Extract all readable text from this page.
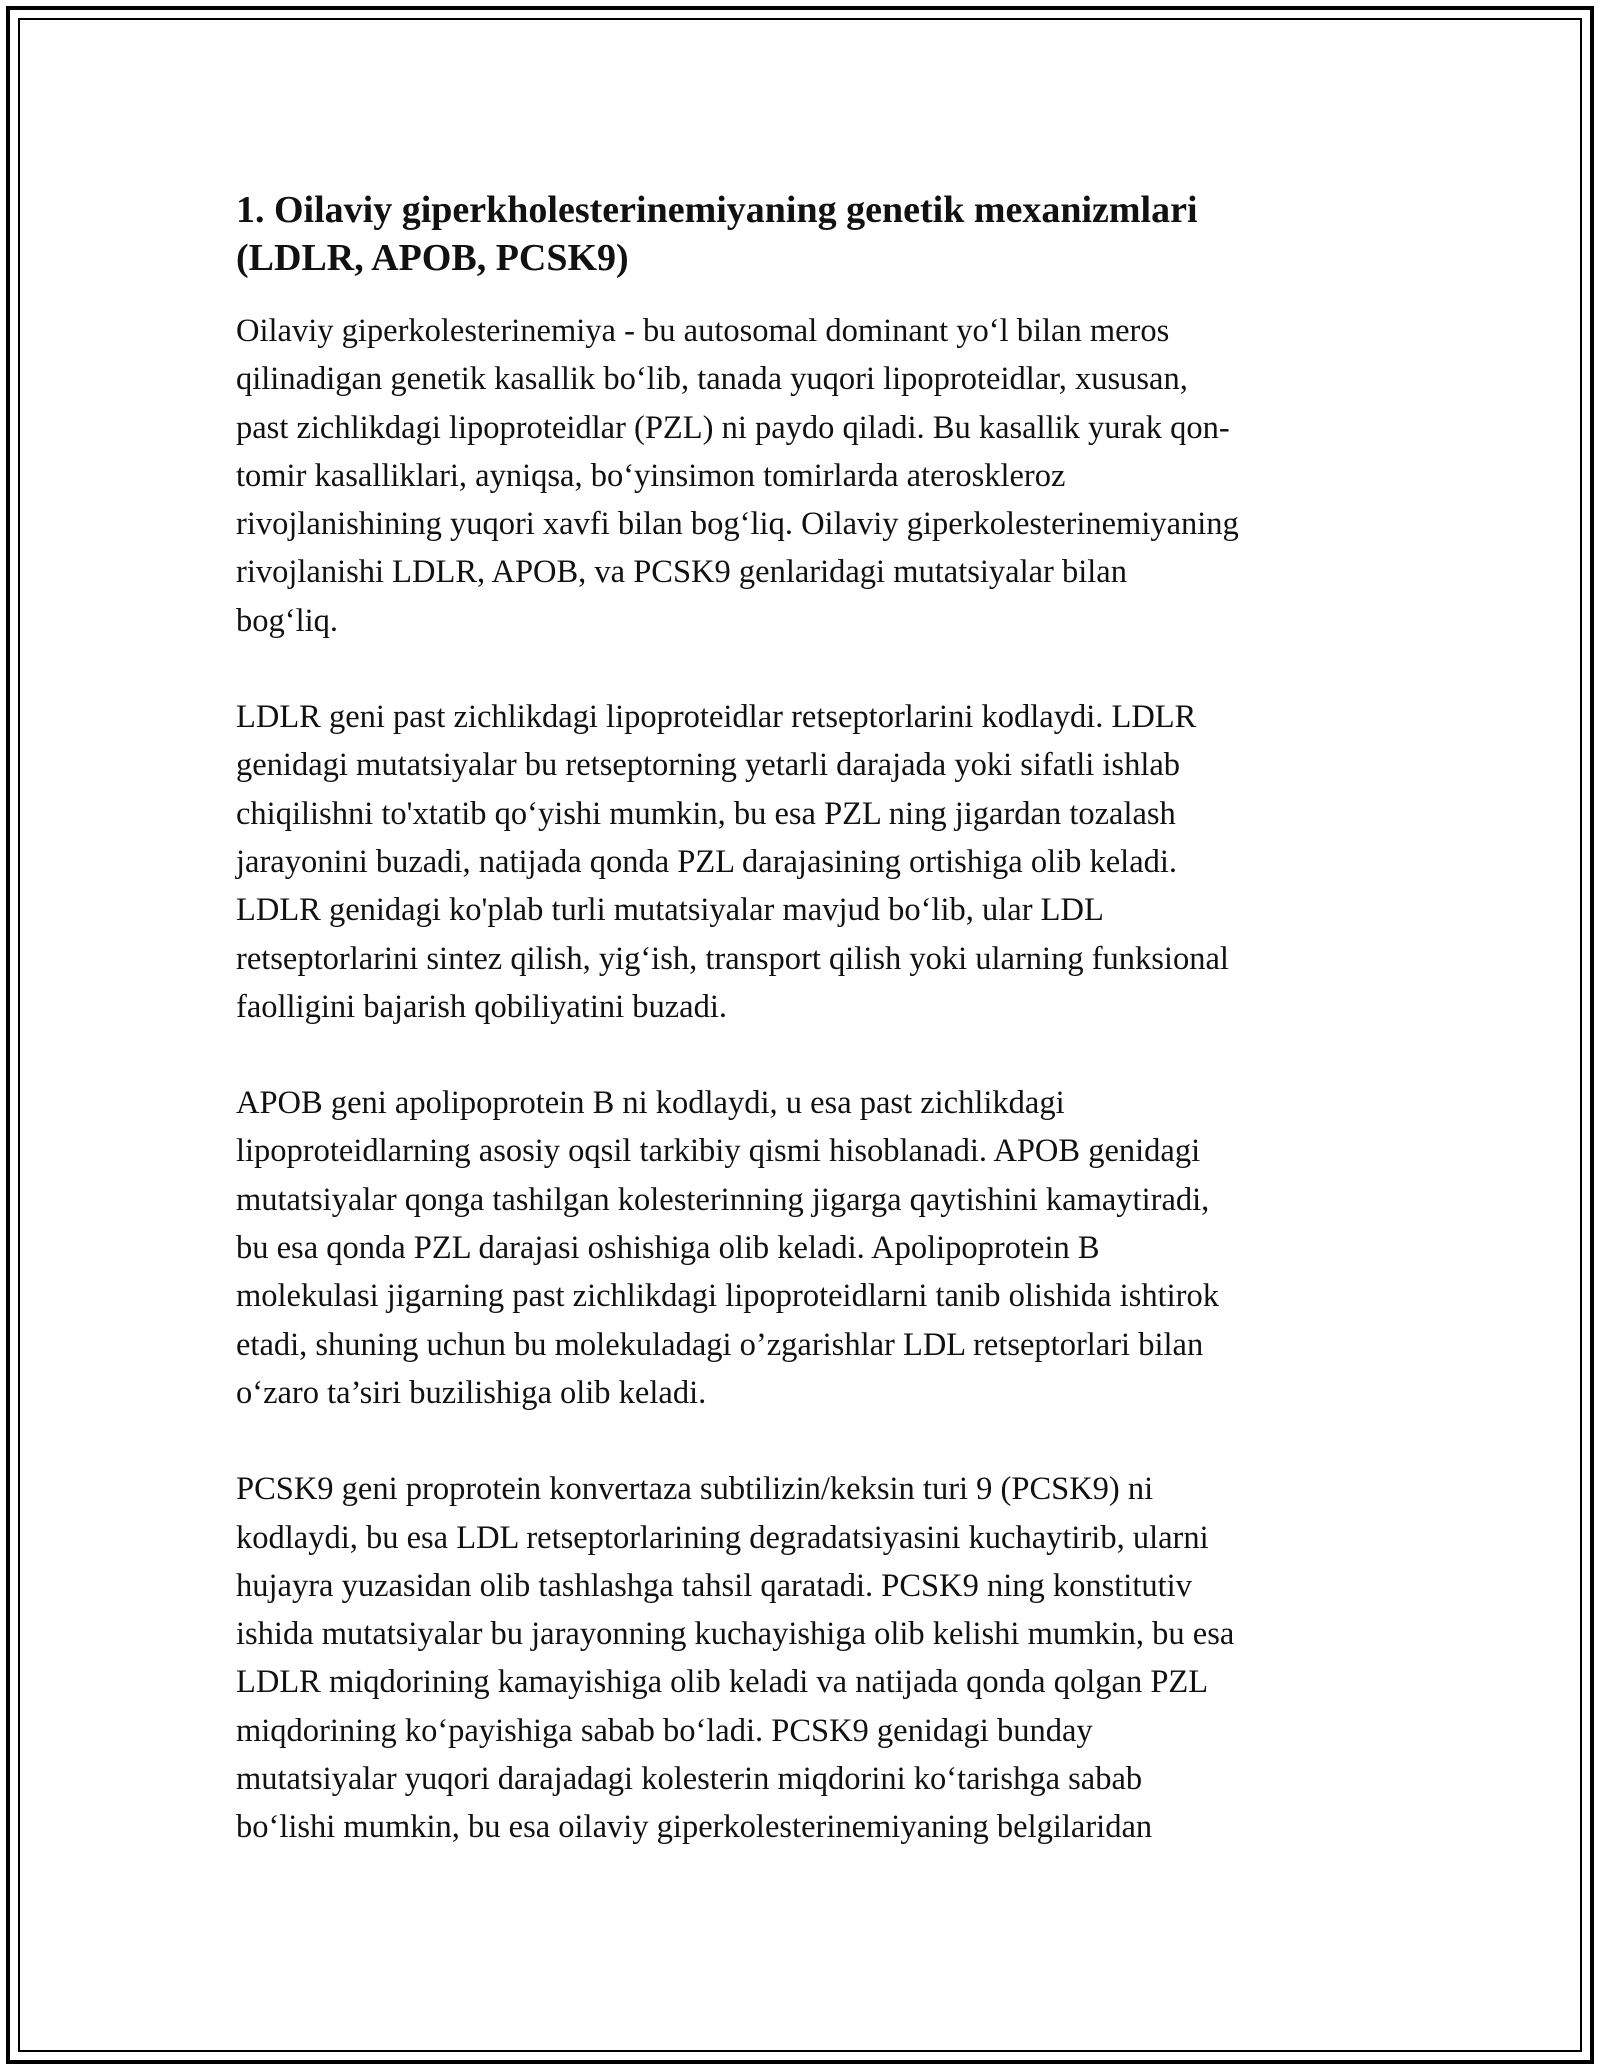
1. Oilaviy giperkholesterinemiyaning genetik mexanizmlari
(LDLR, APOB, PCSK9)

Oilaviy giperkolesterinemiya - bu autosomal dominant yo‘l bilan meros
qilinadigan genetik kasallik bo‘lib, tanada yuqori lipoproteidlar, xususan,
past zichlikdagi lipoproteidlar (PZL) ni paydo qiladi. Bu kasallik yurak qon-
tomir kasalliklari, ayniqsa, bo‘yinsimon tomirlarda ateroskleroz
rivojlanishining yuqori xavfi bilan bog‘liq. Oilaviy giperkolesterinemiyaning
rivojlanishi LDLR, APOB, va PCSK9 genlaridagi mutatsiyalar bilan
bog‘liq.

LDLR geni past zichlikdagi lipoproteidlar retseptorlarini kodlaydi. LDLR
genidagi mutatsiyalar bu retseptorning yetarli darajada yoki sifatli ishlab
chiqilishni to'xtatib qo‘yishi mumkin, bu esa PZL ning jigardan tozalash
jarayonini buzadi, natijada qonda PZL darajasining ortishiga olib keladi.
LDLR genidagi ko'plab turli mutatsiyalar mavjud bo‘lib, ular LDL
retseptorlarini sintez qilish, yig‘ish, transport qilish yoki ularning funksional
faolligini bajarish qobiliyatini buzadi.

APOB geni apolipoprotein B ni kodlaydi, u esa past zichlikdagi
lipoproteidlarning asosiy oqsil tarkibiy qismi hisoblanadi. APOB genidagi
mutatsiyalar qonga tashilgan kolesterinning jigarga qaytishini kamaytiradi,
bu esa qonda PZL darajasi oshishiga olib keladi. Apolipoprotein B
molekulasi jigarning past zichlikdagi lipoproteidlarni tanib olishida ishtirok
etadi, shuning uchun bu molekuladagi o’zgarishlar LDL retseptorlari bilan
o‘zaro ta’siri buzilishiga olib keladi.

PCSK9 geni proprotein konvertaza subtilizin/keksin turi 9 (PCSK9) ni
kodlaydi, bu esa LDL retseptorlarining degradatsiyasini kuchaytirib, ularni
hujayra yuzasidan olib tashlashga tahsil qaratadi. PCSK9 ning konstitutiv
ishida mutatsiyalar bu jarayonning kuchayishiga olib kelishi mumkin, bu esa
LDLR miqdorining kamayishiga olib keladi va natijada qonda qolgan PZL
miqdorining ko‘payishiga sabab bo‘ladi. PCSK9 genidagi bunday
mutatsiyalar yuqori darajadagi kolesterin miqdorini ko‘tarishga sabab
bo‘lishi mumkin, bu esa oilaviy giperkolesterinemiyaning belgilaridan
